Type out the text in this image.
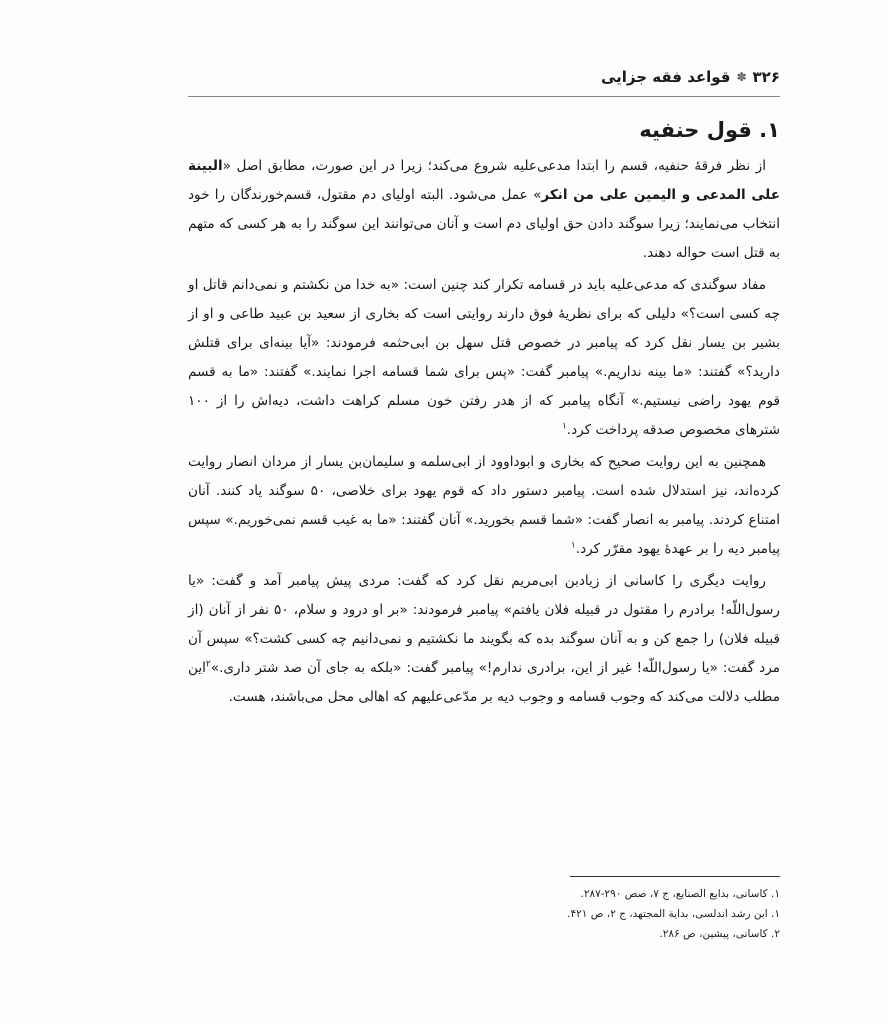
۳۲۶
✽
قواعد فقه جزایی
۱. قول حنفیه

از نظر فرقهٔ حنفیه، قسم را ابتدا مدعی‌علیه شروع می‌کند؛ زیرا در این صورت، مطابق اصل «البینة علی المدعی و الیمین علی من انکر» عمل می‌شود. البته اولیای دم مقتول، قسم‌خورندگان را خود انتخاب می‌نمایند؛ زیرا سوگند دادن حق اولیای دم است و آنان می‌توانند این سوگند را به هر کسی که متهم به قتل است حواله دهند.

مفاد سوگندی که مدعی‌علیه باید در قسامه تکرار کند چنین است: «به خدا من نکشتم و نمی‌دانم قاتل او چه کسی است؟» دلیلی که برای نظریهٔ فوق دارند روایتی است که بخاری از سعید بن عبید طاعی و او از بشیر بن یسار نقل کرد که پیامبر در خصوص قتل سهل بن ابی‌حثمه فرمودند: «آیا بینه‌ای برای قتلش دارید؟» گفتند: «ما بینه نداریم.» پیامبر گفت: «پس برای شما قسامه اجرا نمایند.» گفتند: «ما به قسم قوم یهود راضی نیستیم.» آنگاه پیامبر که از هدر رفتن خون مسلم کراهت داشت، دیه‌اش را از ۱۰۰ شترهای مخصوص صدقه پرداخت کرد.$^۱$

همچنین به این روایت صحیح که بخاری و ابوداوود از ابی‌سلمه و سلیمان‌بن یسار از مردان انصار روایت کرده‌اند، نیز استدلال شده است. پیامبر دستور داد که قوم یهود برای خلاصی، ۵۰ سوگند یاد کنند. آنان امتناع کردند. پیامبر به انصار گفت: «شما قسم بخورید.» آنان گفتند: «ما به غیب قسم نمی‌خوریم.» سپس پیامبر دیه را بر عهدهٔ یهود مقرّر کرد.$^۱$

روایت دیگری را کاسانی از زیادبن ابی‌مریم نقل کرد که گفت: مردی پیش پیامبر آمد و گفت: «یا رسول‌اللّه! برادرم را مقتول در قبیله فلان یافتم» پیامبر فرمودند: «بر او درود و سلام، ۵۰ نفر از آنان (از قبیله فلان) را جمع کن و به آنان سوگند بده که بگویند ما نکشتیم و نمی‌دانیم چه کسی کشت؟» سپس آن مرد گفت: «یا رسول‌اللّه! غیر از این، برادری ندارم!» پیامبر گفت: «بلکه به جای آن صد شتر داری.»$^۲$این مطلب دلالت می‌کند که وجوب قسامه و وجوب دیه بر مدّعی‌علیهم که اهالی محل می‌باشند، هست.

۱. کاسانی، بدایع الصنایع، ج ۷، صص ۲۹۰-۲۸۷.
۱. ابن رشد اندلسی، بدایة المجتهد، ج ۲، ص ۴۲۱.
۲. کاسانی، پیشین، ص ۲۸۶.
